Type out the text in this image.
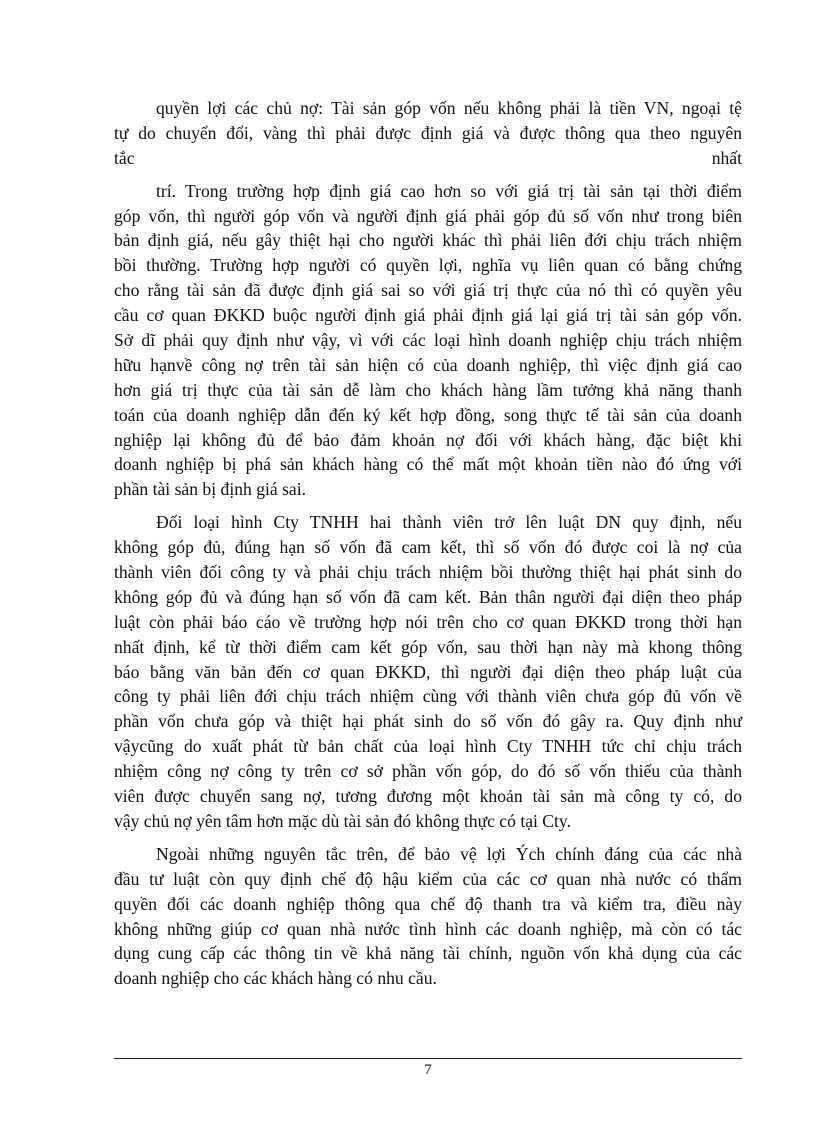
quyền lợi các chủ nợ: Tài sản góp vốn nếu không phải là tiền VN, ngoại tệ
tự do chuyển đổi, vàng thì phải được định giá và được thông qua theo nguyên
tắc nhất
trí. Trong trường hợp định giá cao hơn so với giá trị tài sản tại thời điểm
góp vốn, thì người góp vốn và người định giá phải góp đủ số vốn như trong biên
bản định giá, nếu gây thiệt hại cho người khác thì phải liên đới chịu trách nhiệm
bồi thường. Trường hợp người có quyền lợi, nghĩa vụ liên quan có bằng chứng
cho rằng tài sản đã được định giá sai so với giá trị thực của nó thì có quyền yêu
cầu cơ quan ĐKKD buộc người định giá phải định giá lại giá trị tài sản góp vốn.
Sở dĩ phải quy định như vậy, vì với các loại hình doanh nghiệp chịu trách nhiệm
hữu hạnvề công nợ trên tài sản hiện có của doanh nghiệp, thì việc định giá cao
hơn giá trị thực của tài sản dễ làm cho khách hàng lầm tưởng khả năng thanh
toán của doanh nghiệp dẫn đến ký kết hợp đồng, song thực tế tài sản của doanh
nghiệp lại không đủ để bảo đảm khoản nợ đối với khách hàng, đặc biệt khi
doanh nghiệp bị phá sản khách hàng có thể mất một khoản tiền nào đó ứng với
phần tài sản bị định giá sai.
Đối loại hình Cty TNHH hai thành viên trở lên luật DN quy định, nếu
không góp đủ, đúng hạn số vốn đã cam kết, thì số vốn đó được coi là nợ của
thành viên đối công ty và phải chịu trách nhiệm bồi thường thiệt hại phát sinh do
không góp đủ và đúng hạn số vốn đã cam kết. Bản thân người đại diện theo pháp
luật còn phải báo cáo về trường hợp nói trên cho cơ quan ĐKKD trong thời hạn
nhất định, kể từ thời điểm cam kết góp vốn, sau thời hạn này mà khong thông
báo bằng văn bản đến cơ quan ĐKKD, thì người đại diện theo pháp luật của
công ty phải liên đới chịu trách nhiệm cùng với thành viên chưa góp đủ vốn về
phần vốn chưa góp và thiệt hại phát sinh do số vốn đó gây ra. Quy định như
vậycũng do xuất phát từ bản chất của loại hình Cty TNHH tức chỉ chịu trách
nhiệm công nợ công ty trên cơ sở phần vốn góp, do đó số vốn thiếu của thành
viên được chuyển sang nợ, tương đương một khoản tài sản mà công ty có, do
vậy chủ nợ yên tâm hơn mặc dù tài sản đó không thực có tại Cty.
Ngoài những nguyên tắc trên, để bảo vệ lợi Ých chính đáng của các nhà
đầu tư luật còn quy định chế độ hậu kiểm của các cơ quan nhà nước có thẩm
quyền đối các doanh nghiệp thông qua chế độ thanh tra và kiểm tra, điều này
không những giúp cơ quan nhà nước tình hình các doanh nghiệp, mà còn có tác
dụng cung cấp các thông tin về khả năng tài chính, nguồn vốn khả dụng của các
doanh nghiệp cho các khách hàng có nhu cầu.
7
